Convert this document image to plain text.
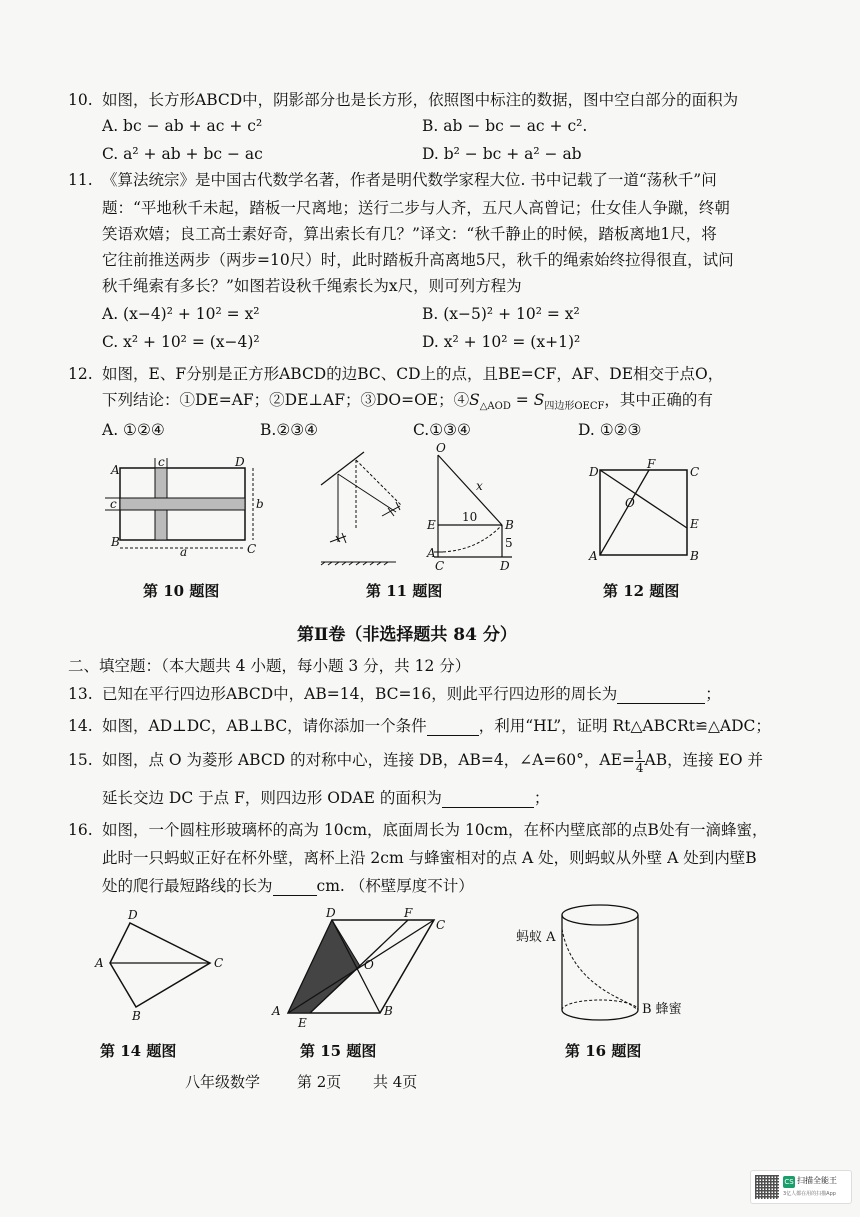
10. 如图，长方形ABCD中，阴影部分也是长方形，依照图中标注的数据，图中空白部分的面积为
A. bc − ab + ac + c²	B. ab − bc − ac + c².
C. a² + ab + bc − ac	D. b² − bc + a² − ab
11. 《算法统宗》是中国古代数学名著，作者是明代数学家程大位. 书中记载了一道“荡秋千”问
题：“平地秋千未起，踏板一尺离地；送行二步与人齐，五尺人高曾记；仕女佳人争蹴，终朝
笑语欢嬉；良工高士素好奇，算出索长有几？”译文：“秋千静止的时候，踏板离地1尺，将
它往前推送两步（两步=10尺）时，此时踏板升高离地5尺，秋千的绳索始终拉得很直，试问
秋千绳索有多长？”如图若设秋千绳索长为x尺，则可列方程为
A. (x−4)² + 10² = x²	B. (x−5)² + 10² = x²
C. x² + 10² = (x−4)²	D. x² + 10² = (x+1)²
12. 如图，E、F分别是正方形ABCD的边BC、CD上的点，且BE=CF，AF、DE相交于点O，
下列结论：①DE=AF；②DE⊥AF；③DO=OE；$④S_{\triangle AOD} = S_{四边形OECF}$，其中正确的有
A. ①②④	B.②③④	C.①③④	D. ①②③
A
B	C
D
a
b
c
c
第 10 题图
O
x
E	B
10
5
A
C	D
第 11 题图
D
F
C
O
E
A	B
第 12 题图
第Ⅱ卷（非选择题共 84 分）
二、填空题：（本大题共 4 小题，每小题 3 分，共 12 分）
13. 已知在平行四边形ABCD中，AB=14，BC=16，则此平行四边形的周长为	；
14. 如图，AD⊥DC，AB⊥BC，请你添加一个条件	，利用“HL”，证明 Rt△ABCRt≌△ADC；
15. 如图，点 O 为菱形 ABCD 的对称中心，连接 DB，AB=4，∠A=60°，$AE= \frac{1}{4}$ AB，连接 EO 并
延长交边 DC 于点 F，则四边形 ODAE 的面积为	；
16. 如图，一个圆柱形玻璃杯的高为 10cm，底面周长为 10cm，在杯内壁底部的点B处有一滴蜂蜜，
此时一只蚂蚁正好在杯外壁，离杯上沿 2cm 与蜂蜜相对的点 A 处，则蚂蚁从外壁 A 处到内壁B
处的爬行最短路线的长为	cm. （杯壁厚度不计）
D
A	C
B
第 14 题图
D	F
C
O
A
E
B
第 15 题图
蚂蚁 A
B 蜂蜜
第 16 题图
八年级数学 第 2页 共 4页
CS 扫描全能王
3亿人都在用的扫描App
